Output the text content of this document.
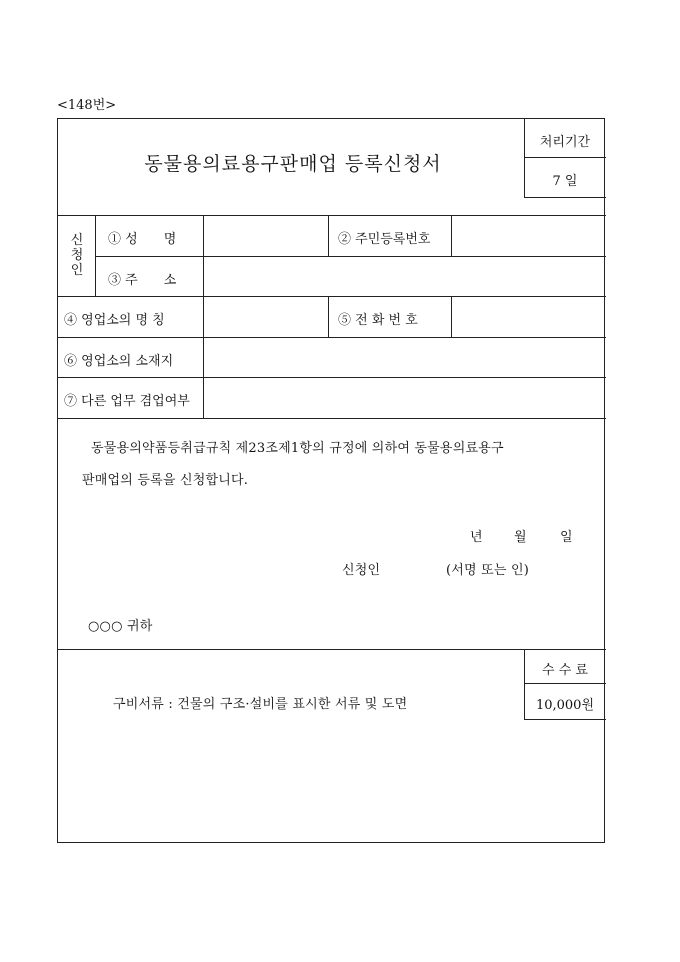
<148번>
동물용의료용구판매업 등록신청서
처리기간
7 일
신
청
인
① 성　　명	② 주민등록번호
③ 주　　소
④ 영업소의 명 칭	⑤ 전 화 번 호
⑥ 영업소의 소재지
⑦ 다른 업무 겸업여부
동물용의약품등취급규칙 제23조제1항의 규정에 의하여 동물용의료용구
판매업의 등록을 신청합니다.
년 월	일
신청인	(서명 또는 인)
○○○ 귀하
구비서류 : 건물의 구조·설비를 표시한 서류 및 도면
수 수 료
10,000원
